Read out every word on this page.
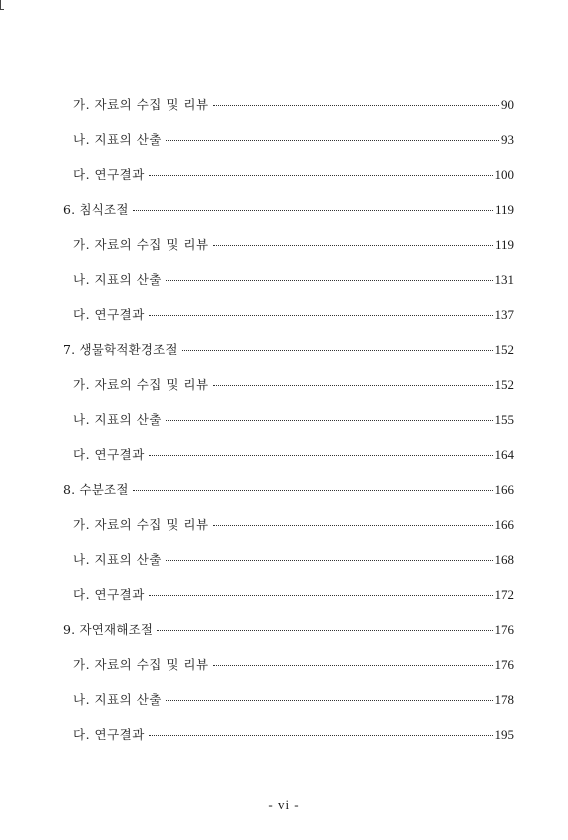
가. 자료의 수집 및 리뷰	90
나. 지표의 산출	93
다. 연구결과	100
6. 침식조절	119
가. 자료의 수집 및 리뷰	119
나. 지표의 산출	131
다. 연구결과	137
7. 생물학적환경조절	152
가. 자료의 수집 및 리뷰	152
나. 지표의 산출	155
다. 연구결과	164
8. 수분조절	166
가. 자료의 수집 및 리뷰	166
나. 지표의 산출	168
다. 연구결과	172
9. 자연재해조절	176
가. 자료의 수집 및 리뷰	176
나. 지표의 산출	178
다. 연구결과	195
- vi -
